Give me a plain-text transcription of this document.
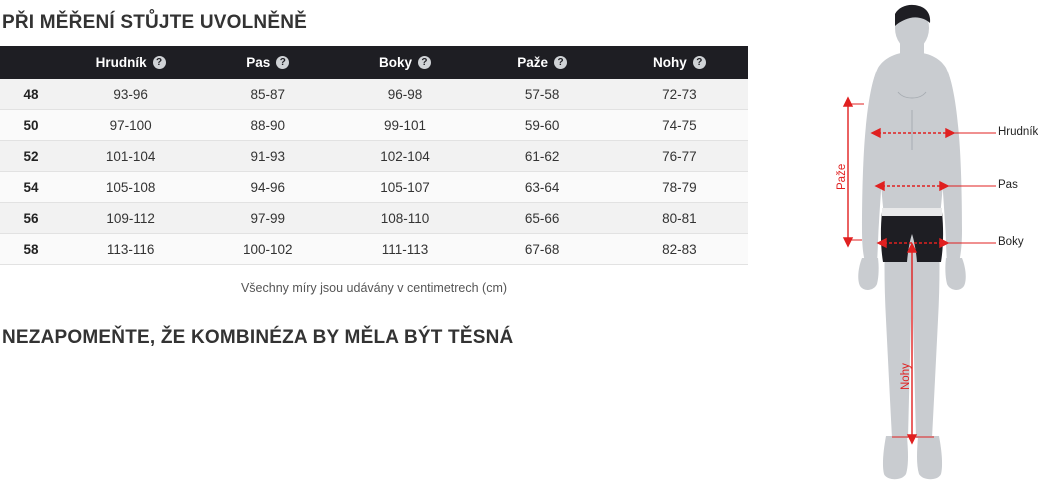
PŘI MĚŘENÍ STŮJTE UVOLNĚNĚ

	Hrudník ?	Pas ?	Boky ?	Paže ?	Nohy ?

48	93-96	85-87	96-98	57-58	72-73
50	97-100	88-90	99-101	59-60	74-75
52	101-104	91-93	102-104	61-62	76-77
54	105-108	94-96	105-107	63-64	78-79
56	109-112	97-99	108-110	65-66	80-81
58	113-116	100-102	111-113	67-68	82-83
Všechny míry jsou udávány v centimetrech (cm)
NEZAPOMEŇTE, ŽE KOMBINÉZA BY MĚLA BÝT TĚSNÁ
Hrudník
Pas
Boky
Paže
Nohy
